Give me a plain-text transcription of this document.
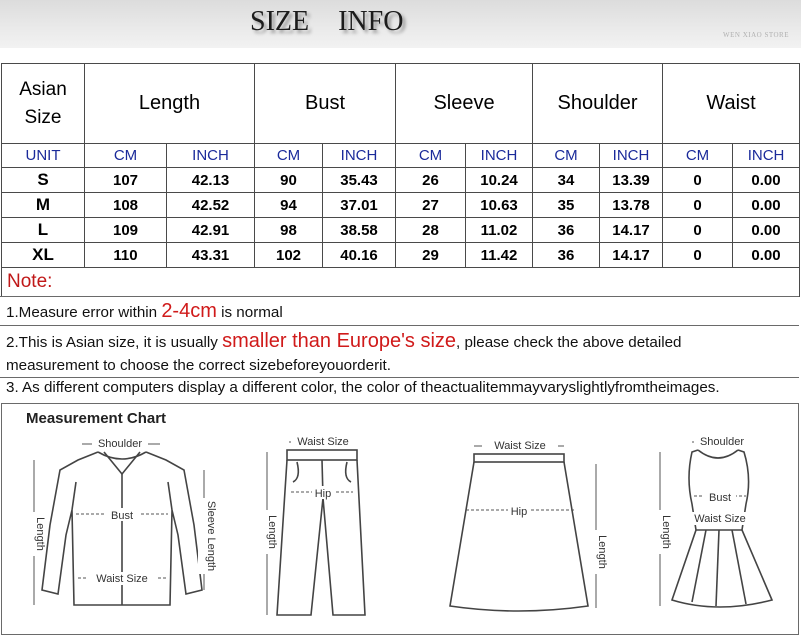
SIZE INFO	WEN XIAO STORE
Asian
Size	Length		Bust		Sleeve		Shoulder		Waist	
UNIT	CM	INCH	CM	INCH	CM	INCH	CM	INCH	CM	INCH
S	107	42.13	90	35.43	26	10.24	34	13.39	0	0.00
M	108	42.52	94	37.01	27	10.63	35	13.78	0	0.00
L	109	42.91	98	38.58	28	11.02	36	14.17	0	0.00
XL	110	43.31	102	40.16	29	11.42	36	14.17	0	0.00
Note:										
1.Measure error within 2-4cm is normal
2.This is Asian size, it is usually smaller than Europe's size, please check the above detailed
measurement to choose the correct sizebeforeyouorderit.
3. As different computers display a different color, the color of theactualitemmayvaryslightlyfromtheimages.
Measurement Chart
Shoulder
Bust
Waist Size
Length	Sleeve Length
Waist Size
Hip
Length
Waist Size
Hip
Length
Shoulder
Bust
Waist Size
Length
